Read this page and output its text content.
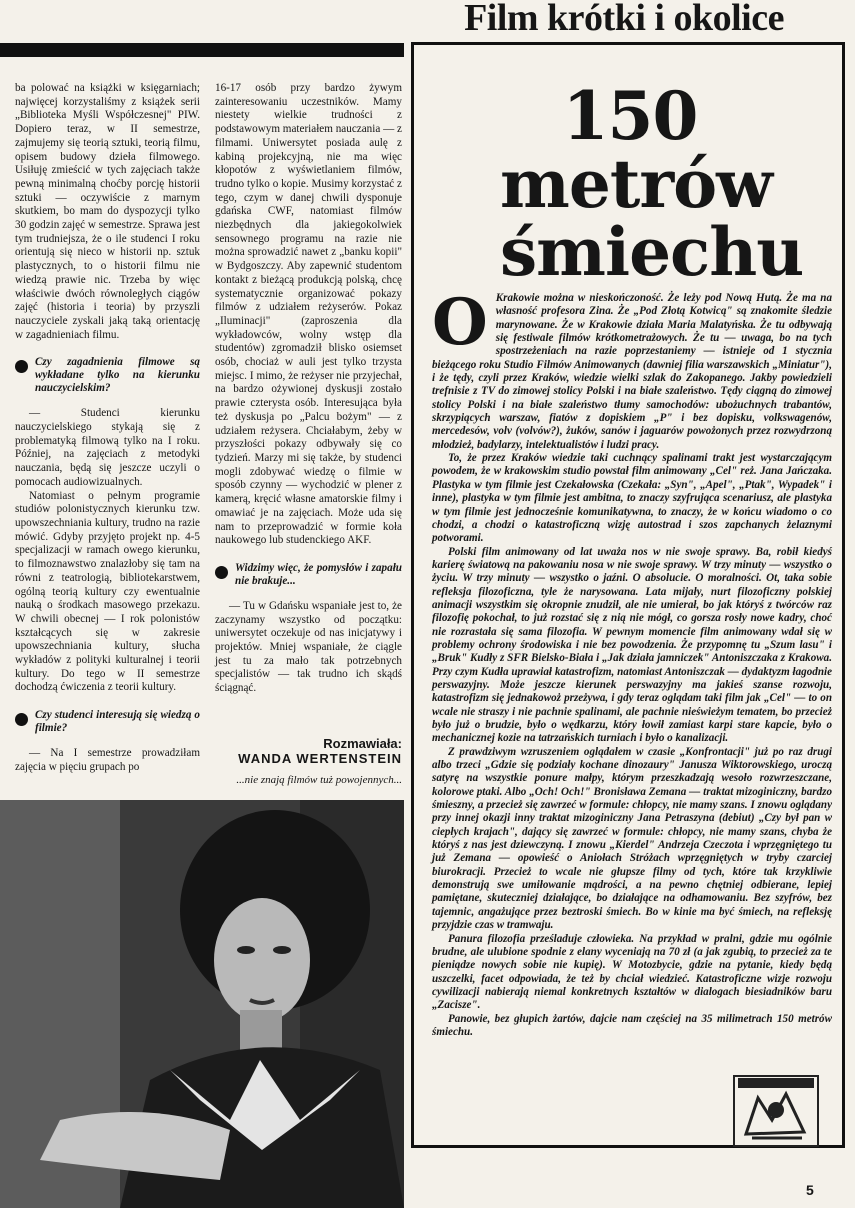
Film krótki i okolice

ba polować na książki w księgarniach; najwięcej korzystaliśmy z książek serii „Biblioteka Myśli Współczesnej" PIW. Dopiero teraz, w II semestrze, zajmujemy się teorią sztuki, teorią filmu, opisem budowy dzieła filmowego. Usiłuję zmieścić w tych zajęciach także pewną minimalną choćby porcję historii sztuki — oczywiście z marnym skutkiem, bo mam do dyspozycji tylko 30 godzin zajęć w semestrze. Sprawa jest tym trudniejsza, że o ile studenci I roku orientują się nieco w historii np. sztuk plastycznych, to o historii filmu nie wiedzą prawie nic. Trzeba by więc właściwie dwóch równoległych ciągów zajęć (historia i teoria) by przyszli nauczyciele zyskali jaką taką orientację w zagadnieniach filmu.

Czy zagadnienia filmowe są wykładane tylko na kierunku nauczycielskim?

— Studenci kierunku nauczycielskiego stykają się z problematyką filmową tylko na I roku. Później, na zajęciach z metodyki nauczania, będą się jeszcze uczyli o pomocach audiowizualnych.

Natomiast o pełnym programie studiów polonistycznych kierunku tzw. upowszechniania kultury, trudno na razie mówić. Gdyby przyjęto projekt np. 4-5 specjalizacji w ramach owego kierunku, to filmoznawstwo znalazłoby się tam na równi z teatrologią, bibliotekarstwem, ogólną teorią kultury czy ewentualnie nauką o środkach masowego przekazu. W chwili obecnej — I rok polonistów kształcących się w zakresie upowszechniania kultury, słucha wykładów z polityki kulturalnej i teorii kultury. Do tego w II semestrze dochodzą ćwiczenia z teorii kultury.

Czy studenci interesują się wiedzą o filmie?

— Na I semestrze prowadziłam zajęcia w pięciu grupach po

16-17 osób przy bardzo żywym zainteresowaniu uczestników. Mamy niestety wielkie trudności z podstawowym materiałem nauczania — z filmami. Uniwersytet posiada aulę z kabiną projekcyjną, nie ma więc kłopotów z wyświetlaniem filmów, trudno tylko o kopie. Musimy korzystać z tego, czym w danej chwili dysponuje gdańska CWF, natomiast filmów niezbędnych dla jakiegokolwiek sensownego programu na razie nie można sprowadzić nawet z „banku kopii" w Bydgoszczy. Aby zapewnić studentom kontakt z bieżącą produkcją polską, chcę systematycznie organizować pokazy filmów z udziałem reżyserów. Pokaz „Iluminacji" (zaproszenia dla wykładowców, wolny wstęp dla studentów) zgromadził blisko osiemset osób, chociaż w auli jest tylko trzysta miejsc. I mimo, że reżyser nie przyjechał, na bardzo ożywionej dyskusji zostało prawie czterysta osób. Interesująca była też dyskusja po „Palcu bożym" — z udziałem reżysera. Chciałabym, żeby w przyszłości pokazy odbywały się co tydzień. Marzy mi się także, by studenci mogli zdobywać wiedzę o filmie w sposób czynny — wychodzić w plener z kamerą, kręcić własne amatorskie filmy i omawiać je na zajęciach. Może uda się nam to przeprowadzić w formie koła naukowego lub studenckiego AKF.

Widzimy więc, że pomysłów i zapału nie brakuje...

— Tu w Gdańsku wspaniałe jest to, że zaczynamy wszystko od początku: uniwersytet oczekuje od nas inicjatywy i projektów. Mniej wspaniałe, że ciągle jest tu za mało tak potrzebnych specjalistów — tak trudno ich skądś ściągnąć.

Rozmawiała:
WANDA WERTENSTEIN
...nie znają filmów tuż powojennych...
150
metrów
śmiechu

O Krakowie można w nieskończoność. Że leży pod Nową Hutą. Że ma na własność profesora Zina. Że „Pod Złotą Kotwicą" są znakomite śledzie marynowane. Że w Krakowie działa Maria Malatyńska. Że tu odbywają się festiwale filmów krótkometrażowych. Że tu — uwaga, bo na tych spostrzeżeniach na razie poprzestaniemy — istnieje od 1 stycznia bieżącego roku Studio Filmów Animowanych (dawniej filia warszawskich „Miniatur"), i że tędy, czyli przez Kraków, wiedzie wielki szlak do Zakopanego. Jakby powiedzieli trefnisie z TV do zimowej stolicy Polski i na białe szaleństwo. Tędy ciągną do zimowej stolicy Polski i na białe szaleństwo tłumy samochodów: ubożuchnych trabantów, skrzypiących warszaw, fiatów z dopiskiem „P" i bez dopisku, volkswagenów, mercedesów, volv (volvów?), żuków, sanów i jaguarów powożonych przez rozwydrzoną młodzież, badylarzy, intelektualistów i ludzi pracy.

To, że przez Kraków wiedzie taki cuchnący spalinami trakt jest wystarczającym powodem, że w krakowskim studio powstał film animowany „Cel" reż. Jana Jańczaka. Plastyka w tym filmie jest Czekałowska (Czekała: „Syn", „Apel", „Ptak", Wypadek" i inne), plastyka w tym filmie jest ambitna, to znaczy szyfrująca scenariusz, ale plastyka w tym filmie jest jednocześnie komunikatywna, to znaczy, że w końcu wiadomo o co chodzi, a chodzi o katastroficzną wizję autostrad i szos zapchanych żelaznymi potworami.

Polski film animowany od lat uważa nos w nie swoje sprawy. Ba, robił kiedyś karierę światową na pakowaniu nosa w nie swoje sprawy. W trzy minuty — wszystko o życiu. W trzy minuty — wszystko o jaźni. O absolucie. O moralności. Ot, taka sobie refleksja filozoficzna, tyle że narysowana. Lata mijały, nurt filozoficzny polskiej animacji wszystkim się okropnie znudził, ale nie umierał, bo jak któryś z twórców raz filozofię pokochał, to już rozstać się z nią nie mógł, co gorsza rosły nowe kadry, choć nie rozrastała się sama filozofia. W pewnym momencie film animowany wdał się w problemy ochrony środowiska i nie bez powodzenia. Że przypomnę tu „Szum lasu" i „Bruk" Kudły z SFR Bielsko-Biała i „Jak działa jamniczek" Antoniszczaka z Krakowa. Przy czym Kudła uprawiał katastrofizm, natomiast Antoniszczak — dydaktyzm łagodnie perswazyjny. Może jeszcze kierunek perswazyjny ma jakieś szanse rozwoju, katastrofizm się jednakowoż przeżywa, i gdy teraz oglądam taki film jak „Cel" — to on wcale nie straszy i nie pachnie spalinami, ale pachnie nieświeżym tematem, bo przecież było już o brudzie, było o wędkarzu, który łowił zamiast karpi stare kapcie, było o mechanicznej kozie na tatrzańskich turniach i było o kanalizacji.

Z prawdziwym wzruszeniem oglądałem w czasie „Konfrontacji" już po raz drugi albo trzeci „Gdzie się podziały kochane dinozaury" Janusza Wiktorowskiego, uroczą satyrę na wszystkie ponure małpy, którym przeszkadzają wesoło rozwrzeszczane, kolorowe ptaki. Albo „Och! Och!" Bronisława Zemana — traktat mizoginiczny, bardzo śmieszny, a przecież się zawrzeć w formule: chłopcy, nie mamy szans. I znowu oglądany przy innej okazji inny traktat mizoginiczny Jana Petraszyna (debiut) „Czy był pan w ciepłych krajach", dający się zawrzeć w formule: chłopcy, nie mamy szans, chyba że któryś z nas jest dziewczyną. I znowu „Kierdel" Andrzeja Czeczota i wprzęgniętego tu już Zemana — opowieść o Aniołach Stróżach wprzęgniętych w tryby czarciej biurokracji. Przecież to wcale nie głupsze filmy od tych, które tak krzykliwie demonstrują swe umiłowanie mądrości, a na pewno chętniej odbierane, lepiej pamiętane, skuteczniej działające, bo działające na odhamowaniu. Bez szyfrów, bez tajemnic, angażujące przez beztroski śmiech. Bo w kinie ma być śmiech, na refleksję przyjdzie czas w tramwaju.

Panura filozofia prześladuje człowieka. Na przykład w pralni, gdzie mu ogólnie brudne, ale ulubione spodnie z elany wyceniają na 70 zł (a jak zgubią, to przecież za te pieniądze nowych sobie nie kupię). W Motozbycie, gdzie na pytanie, kiedy będą uszczelki, facet odpowiada, że też by chciał wiedzieć. Katastroficzne wizje rozwoju cywilizacji nabierają niemal konkretnych kształtów w dialogach biesiadników baru „Zacisze".

Panowie, bez głupich żartów, dajcie nam częściej na 35 milimetrach 150 metrów śmiechu.

5
